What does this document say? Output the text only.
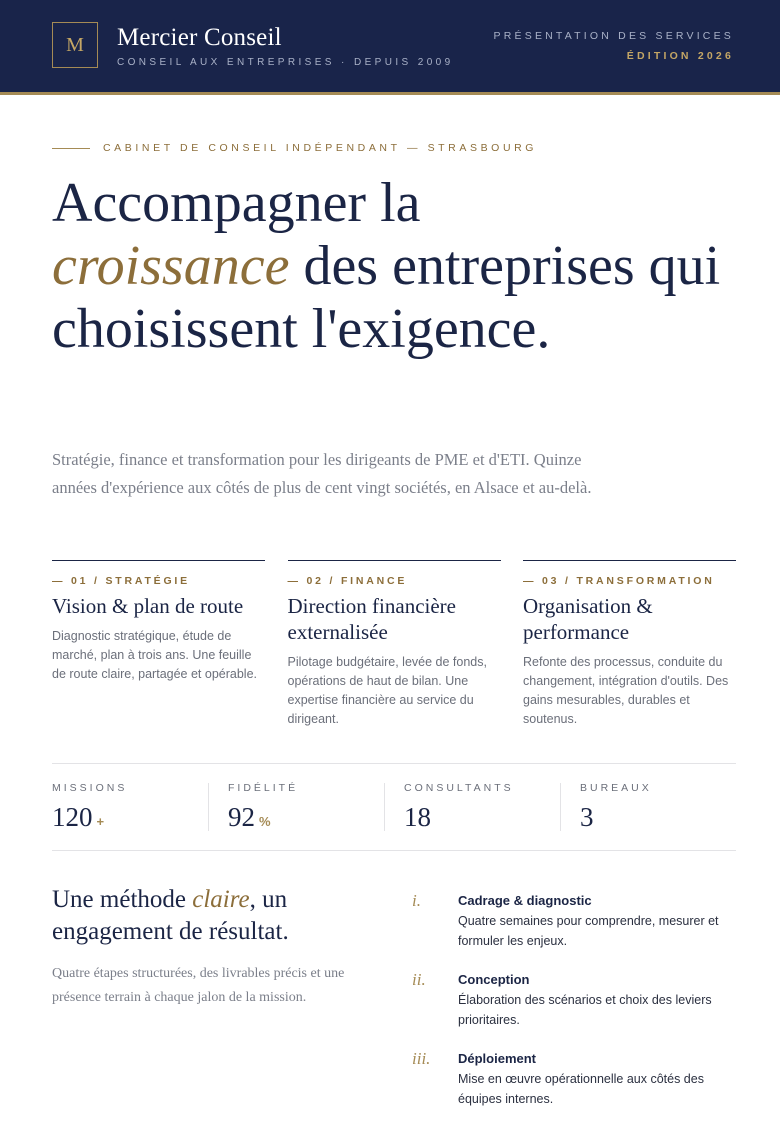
M	Mercier Conseil
CONSEIL AUX ENTREPRISES · DEPUIS 2009
PRÉSENTATION DES SERVICES
ÉDITION 2026
CABINET DE CONSEIL INDÉPENDANT — STRASBOURG
Accompagner la
croissance des entreprises qui choisissent l'exigence.

Stratégie, finance et transformation pour les dirigeants de PME et d'ETI. Quinze années d'expérience aux côtés de plus de cent vingt sociétés, en Alsace et au-delà.

— 01 / STRATÉGIE
Vision & plan de route
Diagnostic stratégique, étude de marché, plan à trois ans. Une feuille de route claire, partagée et opérable.
— 02 / FINANCE
Direction financière externalisée
Pilotage budgétaire, levée de fonds, opérations de haut de bilan. Une expertise financière au service du dirigeant.
— 03 / TRANSFORMATION
Organisation & performance
Refonte des processus, conduite du changement, intégration d'outils. Des gains mesurables, durables et soutenus.
MISSIONS
120 +
FIDÉLITÉ
92 %
CONSULTANTS
18
BUREAUX
3
Une méthode claire, un engagement de résultat.

Quatre étapes structurées, des livrables précis et une présence terrain à chaque jalon de la mission.

i.	Cadrage & diagnostic
Quatre semaines pour comprendre, mesurer et formuler les enjeux.
ii.	Conception
Élaboration des scénarios et choix des leviers prioritaires.
iii.	Déploiement
Mise en œuvre opérationnelle aux côtés des équipes internes.
